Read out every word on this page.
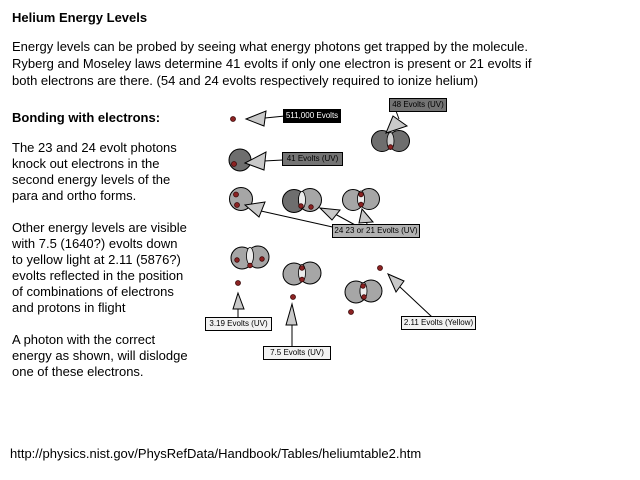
Helium Energy Levels
Energy levels can be probed by seeing what energy photons get trapped by the molecule. Ryberg and Moseley laws determine 41 evolts if only one electron is present or 21 evolts if both electrons are there. (54 and 24 evolts respectively required to ionize helium)
Bonding with electrons:

The 23 and 24 evolt photons knock out electrons in the second energy levels of the para and ortho forms.

Other energy levels are visible with 7.5 (1640?) evolts down to yellow light at 2.11 (5876?) evolts reflected in the position of combinations of electrons and protons in flight

A photon with the correct energy as shown, will dislodge one of these electrons.

511,000 Evolts
48 Evolts (UV)
41 Evolts (UV)
24 23 or 21 Evolts (UV)
3.19 Evolts (UV)
7.5 Evolts (UV)
2.11 Evolts (Yellow)
http://physics.nist.gov/PhysRefData/Handbook/Tables/heliumtable2.htm
